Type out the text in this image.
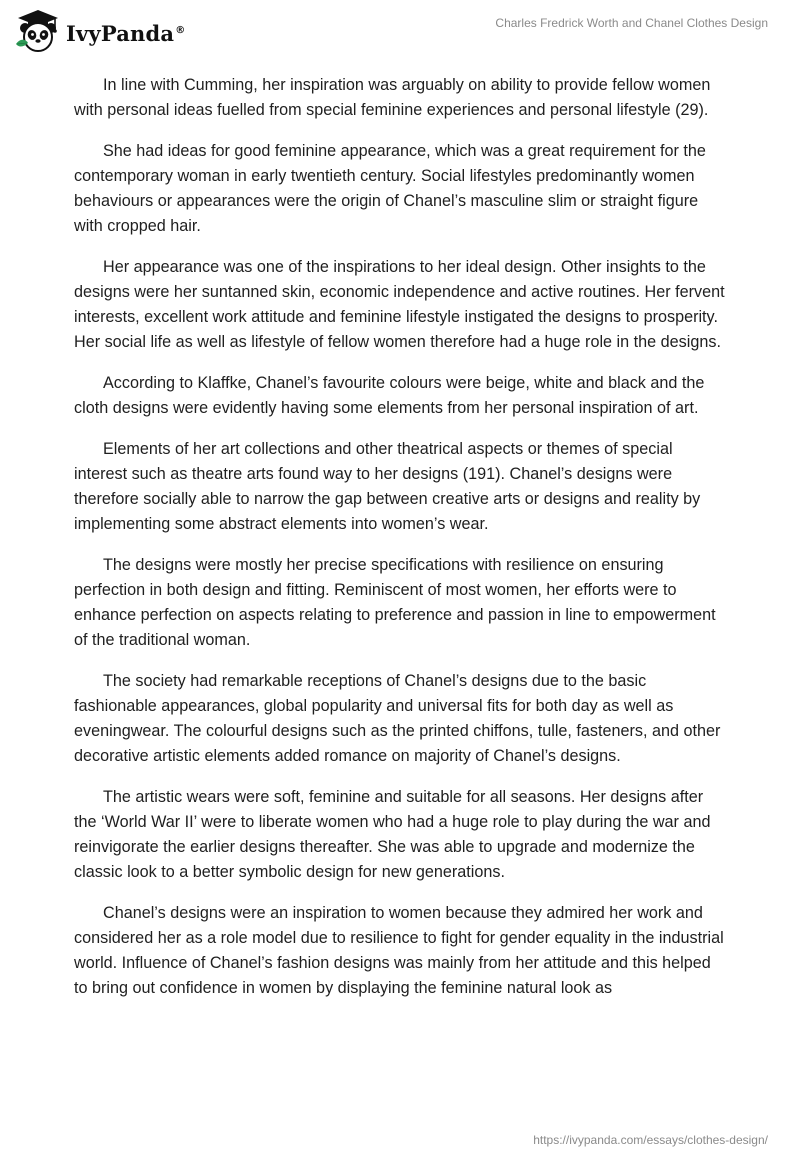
IvyPanda®	Charles Fredrick Worth and Chanel Clothes Design

In line with Cumming, her inspiration was arguably on ability to provide fellow women with personal ideas fuelled from special feminine experiences and personal lifestyle (29).

She had ideas for good feminine appearance, which was a great requirement for the contemporary woman in early twentieth century. Social lifestyles predominantly women behaviours or appearances were the origin of Chanel’s masculine slim or straight figure with cropped hair.

Her appearance was one of the inspirations to her ideal design. Other insights to the designs were her suntanned skin, economic independence and active routines. Her fervent interests, excellent work attitude and feminine lifestyle instigated the designs to prosperity. Her social life as well as lifestyle of fellow women therefore had a huge role in the designs.

According to Klaffke, Chanel’s favourite colours were beige, white and black and the cloth designs were evidently having some elements from her personal inspiration of art.

Elements of her art collections and other theatrical aspects or themes of special interest such as theatre arts found way to her designs (191). Chanel’s designs were therefore socially able to narrow the gap between creative arts or designs and reality by implementing some abstract elements into women’s wear.

The designs were mostly her precise specifications with resilience on ensuring perfection in both design and fitting. Reminiscent of most women, her efforts were to enhance perfection on aspects relating to preference and passion in line to empowerment of the traditional woman.

The society had remarkable receptions of Chanel’s designs due to the basic fashionable appearances, global popularity and universal fits for both day as well as eveningwear. The colourful designs such as the printed chiffons, tulle, fasteners, and other decorative artistic elements added romance on majority of Chanel’s designs.

The artistic wears were soft, feminine and suitable for all seasons. Her designs after the ‘World War II’ were to liberate women who had a huge role to play during the war and reinvigorate the earlier designs thereafter. She was able to upgrade and modernize the classic look to a better symbolic design for new generations.

Chanel’s designs were an inspiration to women because they admired her work and considered her as a role model due to resilience to fight for gender equality in the industrial world. Influence of Chanel’s fashion designs was mainly from her attitude and this helped to bring out confidence in women by displaying the feminine natural look as

https://ivypanda.com/essays/clothes-design/
